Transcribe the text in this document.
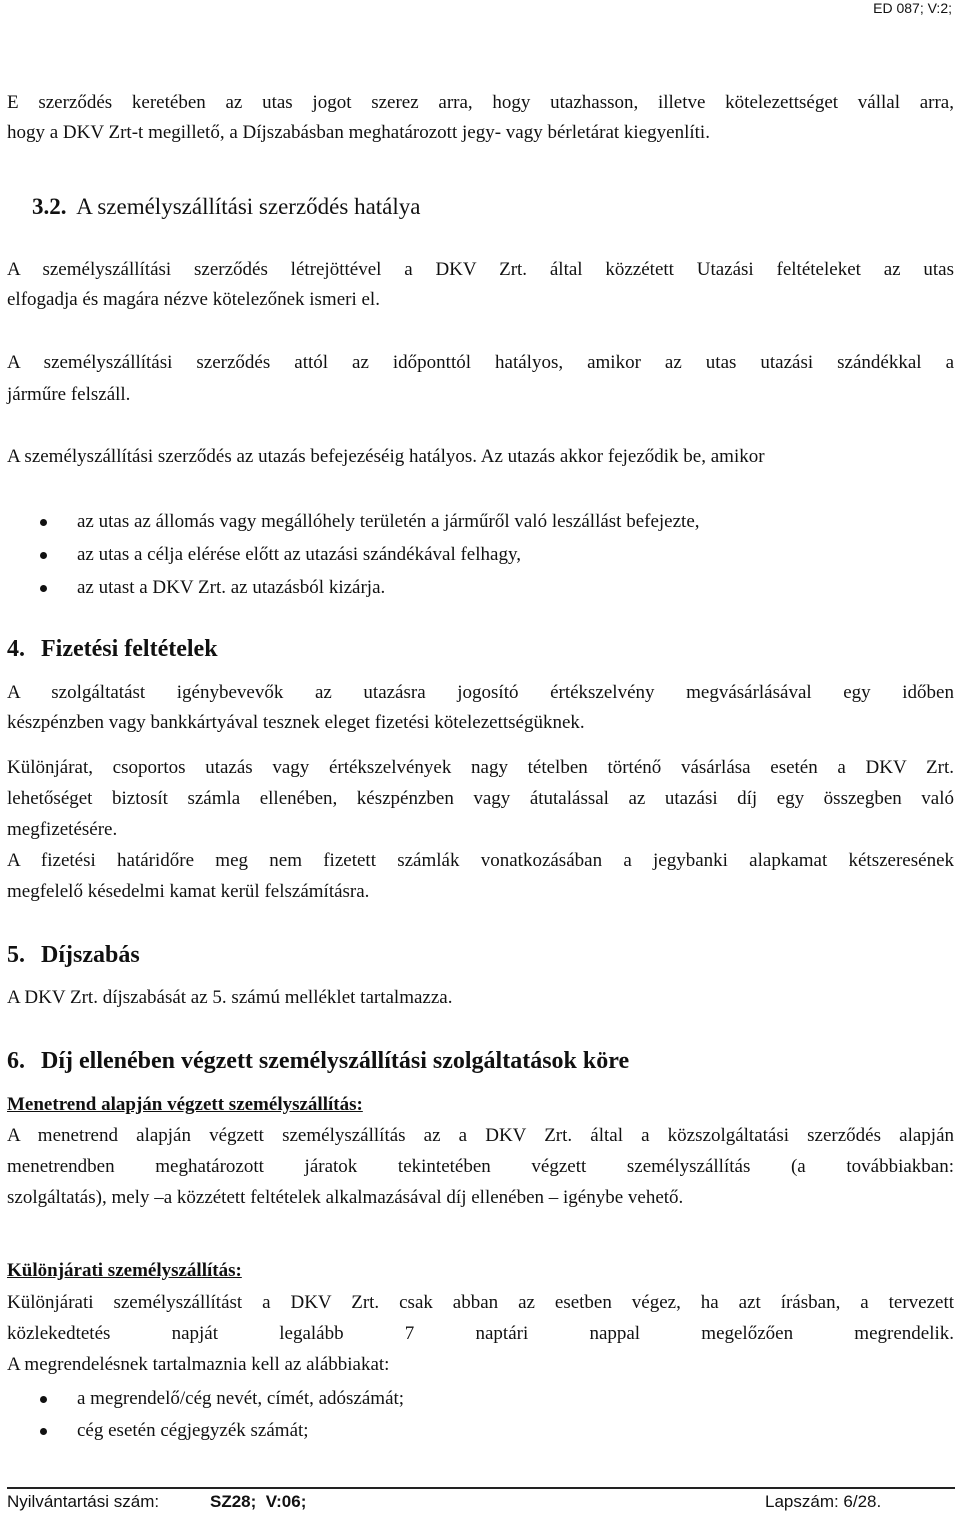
ED 087; V:2;

E szerződés keretében az utas jogot szerez arra, hogy utazhasson, illetve kötelezettséget vállal arra,

hogy a DKV Zrt-t megillető, a Díjszabásban meghatározott jegy- vagy bérletárat kiegyenlíti.

3.2. A személyszállítási szerződés hatálya

A személyszállítási szerződés létrejöttével a DKV Zrt. által közzétett Utazási feltételeket az utas

elfogadja és magára nézve kötelezőnek ismeri el.

A személyszállítási szerződés attól az időponttól hatályos, amikor az utas utazási szándékkal a

járműre felszáll.

A személyszállítási szerződés az utazás befejezéséig hatályos. Az utazás akkor fejeződik be, amikor

az utas az állomás vagy megállóhely területén a járműről való leszállást befejezte,
az utas a célja elérése előtt az utazási szándékával felhagy,
az utast a DKV Zrt. az utazásból kizárja.
4. Fizetési feltételek

A szolgáltatást igénybevevők az utazásra jogosító értékszelvény megvásárlásával egy időben

készpénzben vagy bankkártyával tesznek eleget fizetési kötelezettségüknek.

Különjárat, csoportos utazás vagy értékszelvények nagy tételben történő vásárlása esetén a DKV Zrt.

lehetőséget biztosít számla ellenében, készpénzben vagy átutalással az utazási díj egy összegben való

megfizetésére.

A fizetési határidőre meg nem fizetett számlák vonatkozásában a jegybanki alapkamat kétszeresének

megfelelő késedelmi kamat kerül felszámításra.

5. Díjszabás

A DKV Zrt. díjszabását az 5. számú melléklet tartalmazza.

6. Díj ellenében végzett személyszállítási szolgáltatások köre
Menetrend alapján végzett személyszállítás:

A menetrend alapján végzett személyszállítás az a DKV Zrt. által a közszolgáltatási szerződés alapján

menetrendben meghatározott járatok tekintetében végzett személyszállítás (a továbbiakban:

szolgáltatás), mely –a közzétett feltételek alkalmazásával díj ellenében – igénybe vehető.

Különjárati személyszállítás:

Különjárati személyszállítást a DKV Zrt. csak abban az esetben végez, ha azt írásban, a tervezett

közlekedtetés napját legalább 7 naptári nappal megelőzően megrendelik.

A megrendelésnek tartalmaznia kell az alábbiakat:

a megrendelő/cég nevét, címét, adószámát;
cég esetén cégjegyzék számát;
Nyilvántartási szám:	SZ28;  V:06;	Lapszám: 6/28.
